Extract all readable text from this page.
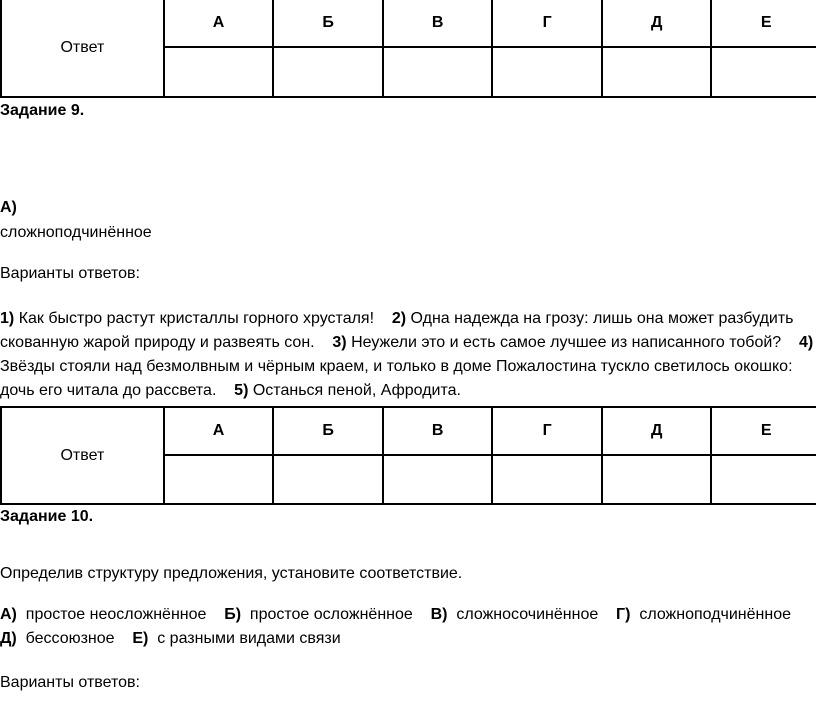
Ответ	А	Б	В	Г	Д	Е

Задание 9.
А)
сложноподчинённое
Варианты ответов:
1) Как быстро растут кристаллы горного хрусталя! 2) Одна надежда на грозу: лишь она может разбудить
скованную жарой природу и развеять сон. 3) Неужели это и есть самое лучшее из написанного тобой? 4)
Звёзды стояли над безмолвным и чёрным краем, и только в доме Пожалостина тускло светилось окошко:
дочь его читала до рассвета. 5) Останься пеной, Афродита.
Ответ	А	Б	В	Г	Д	Е

Задание 10.
Определив структуру предложения, установите соответствие.
А) простое неосложнённое Б) простое осложнённое В) сложносочинённое Г) сложноподчинённое
Д) бессоюзное Е) с разными видами связи
Варианты ответов:
